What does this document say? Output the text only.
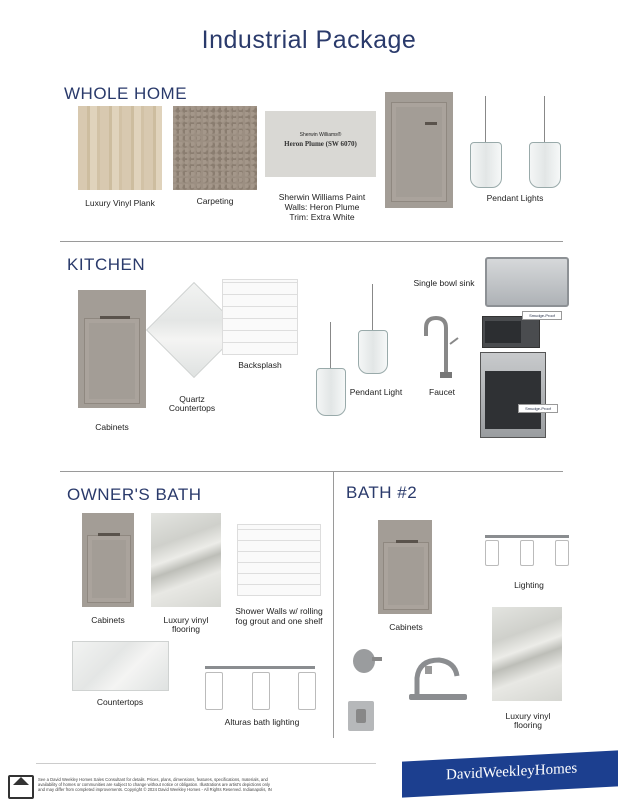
Industrial Package
WHOLE HOME
Luxury Vinyl Plank	Carpeting
Sherwin Williams®
Heron Plume (SW 6070)
Sherwin Williams Paint
Walls: Heron Plume
Trim: Extra White
Pendant Lights
KITCHEN
Single bowl sink
Cabinets
Quartz
Countertops
Backsplash
Pendant Light	Faucet
Smudge-Proof
Smudge-Proof
OWNER'S BATH
Cabinets	Luxury vinyl
flooring
Shower Walls w/ rolling
fog grout and one shelf
Countertops
Alturas bath lighting
BATH #2
Cabinets
Lighting
Luxury vinyl
flooring
See a David Weekley Homes Sales Consultant for details. Prices, plans, dimensions, features, specifications, materials, and
availability of homes or communities are subject to change without notice or obligation. Illustrations are artist's depictions only
and may differ from completed improvements. Copyright © 2024 David Weekley Homes - All Rights Reserved. Indianapolis, IN
DavidWeekleyHomes
